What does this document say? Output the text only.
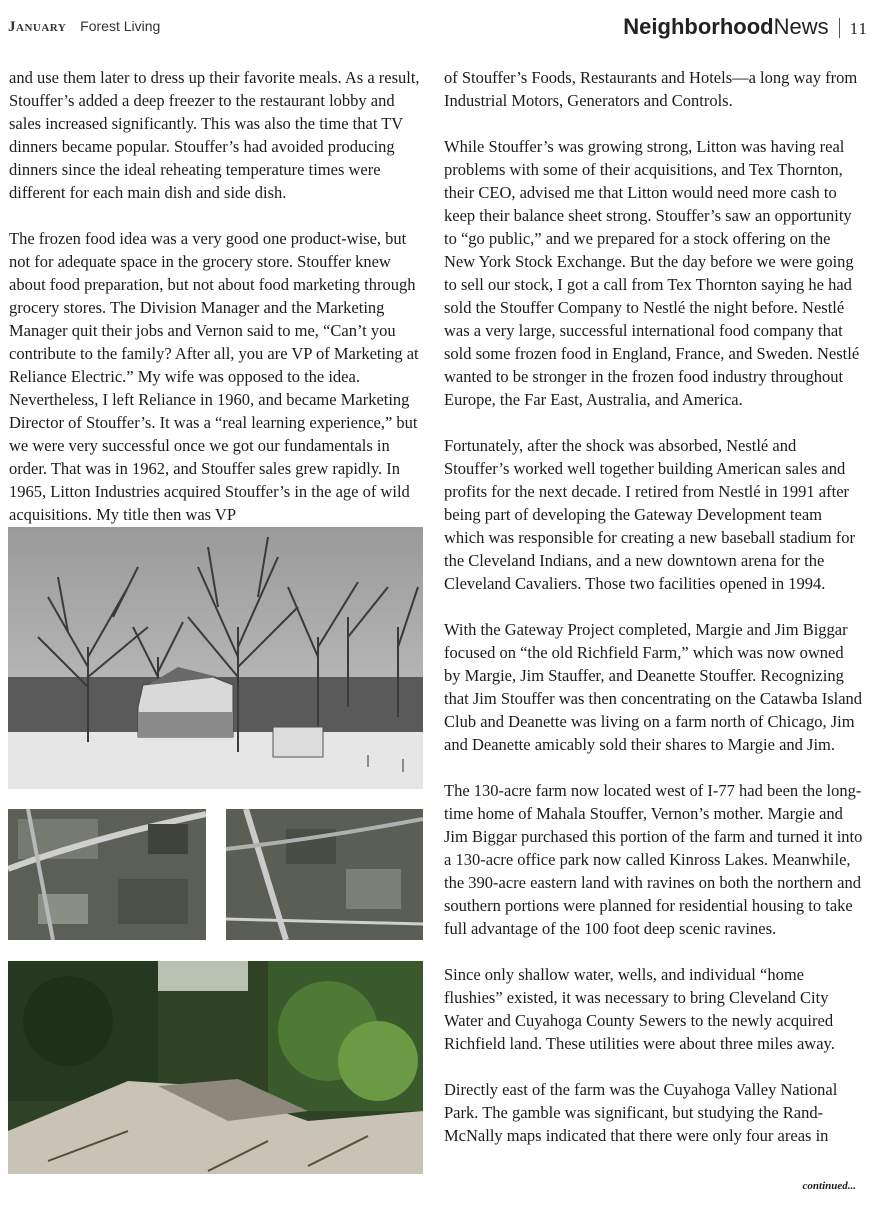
January Forest Living	NeighborhoodNews 11

and use them later to dress up their favorite meals. As a result, Stouffer’s added a deep freezer to the restaurant lobby and sales increased significantly. This was also the time that TV dinners became popular. Stouffer’s had avoided producing dinners since the ideal reheating temperature times were different for each main dish and side dish.

The frozen food idea was a very good one product-wise, but not for adequate space in the grocery store. Stouffer knew about food preparation, but not about food marketing through grocery stores. The Division Manager and the Marketing Manager quit their jobs and Vernon said to me, “Can’t you contribute to the family? After all, you are VP of Marketing at Reliance Electric.” My wife was opposed to the idea. Nevertheless, I left Reliance in 1960, and became Marketing Director of Stouffer’s. It was a “real learning experience,” but we were very successful once we got our fundamentals in order. That was in 1962, and Stouffer sales grew rapidly. In 1965, Litton Industries acquired Stouffer’s in the age of wild acquisitions. My title then was VP

of Stouffer’s Foods, Restaurants and Hotels—a long way from Industrial Motors, Generators and Controls.

While Stouffer’s was growing strong, Litton was having real problems with some of their acquisitions, and Tex Thornton, their CEO, advised me that Litton would need more cash to keep their balance sheet strong. Stouffer’s saw an opportunity to “go public,” and we prepared for a stock offering on the New York Stock Exchange. But the day before we were going to sell our stock, I got a call from Tex Thornton saying he had sold the Stouffer Company to Nestlé the night before. Nestlé was a very large, successful international food company that sold some frozen food in England, France, and Sweden. Nestlé wanted to be stronger in the frozen food industry throughout Europe, the Far East, Australia, and America.

Fortunately, after the shock was absorbed, Nestlé and Stouffer’s worked well together building American sales and profits for the next decade. I retired from Nestlé in 1991 after being part of developing the Gateway Development team which was responsible for creating a new baseball stadium for the Cleveland Indians, and a new downtown arena for the Cleveland Cavaliers. Those two facilities opened in 1994.

With the Gateway Project completed, Margie and Jim Biggar focused on “the old Richfield Farm,” which was now owned by Margie, Jim Stauffer, and Deanette Stouffer. Recognizing that Jim Stouffer was then concentrating on the Catawba Island Club and Deanette was living on a farm north of Chicago, Jim and Deanette amicably sold their shares to Margie and Jim.

The 130-acre farm now located west of I-77 had been the long-time home of Mahala Stouffer, Vernon’s mother. Margie and Jim Biggar purchased this portion of the farm and turned it into a 130-acre office park now called Kinross Lakes. Meanwhile, the 390-acre eastern land with ravines on both the northern and southern portions were planned for residential housing to take full advantage of the 100 foot deep scenic ravines.

Since only shallow water, wells, and individual “home flushies” existed, it was necessary to bring Cleveland City Water and Cuyahoga County Sewers to the newly acquired Richfield land. These utilities were about three miles away.

Directly east of the farm was the Cuyahoga Valley National Park. The gamble was significant, but studying the Rand-McNally maps indicated that there were only four areas in

continued...
